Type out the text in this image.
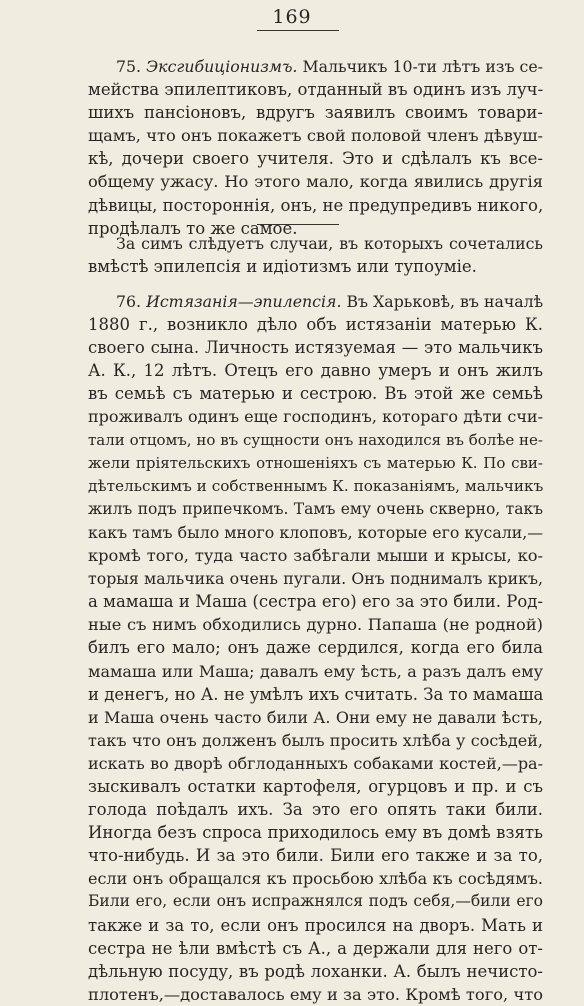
169

75. Эксгибиціонизмъ. Мальчикъ 10-ти лѣтъ изъ се-
мейства эпилептиковъ, отданный въ одинъ изъ луч-
шихъ пансіоновъ, вдругъ заявилъ своимъ товари-
щамъ, что онъ покажетъ свой половой членъ дѣвуш-
кѣ, дочери своего учителя. Это и сдѣлалъ къ все-
общему ужасу. Но этого мало, когда явились другія
дѣвицы, постороннія, онъ, не предупредивъ никого,
продѣлалъ то же самое.
За симъ слѣдуетъ случаи, въ которыхъ сочетались
вмѣстѣ эпилепсія и идіотизмъ или тупоуміе.
76. Истязанія—эпилепсія. Въ Харьковѣ, въ началѣ
1880 г., возникло дѣло объ истязаніи матерью К.
своего сына. Личность истязуемая — это мальчикъ
А. К., 12 лѣтъ. Отецъ его давно умеръ и онъ жилъ
въ семьѣ съ матерью и сестрою. Въ этой же семьѣ
проживалъ одинъ еще господинъ, котораго дѣти счи-
тали отцомъ, но въ сущности онъ находился въ болѣе не-
жели пріятельскихъ отношеніяхъ съ матерью К. По сви-
дѣтельскимъ и собственнымъ К. показаніямъ, мальчикъ
жилъ подъ припечкомъ. Тамъ ему очень скверно, такъ
какъ тамъ было много клоповъ, которые его кусали,—
кромѣ того, туда часто забѣгали мыши и крысы, ко-
торыя мальчика очень пугали. Онъ поднималъ крикъ,
а мамаша и Маша (сестра его) его за это били. Род-
ные съ нимъ обходились дурно. Папаша (не родной)
билъ его мало; онъ даже сердился, когда его била
мамаша или Маша; давалъ ему ѣсть, а разъ далъ ему
и денегъ, но А. не умѣлъ ихъ считать. За то мамаша
и Маша очень часто били А. Они ему не давали ѣсть,
такъ что онъ долженъ былъ просить хлѣба у сосѣдей,
искать во дворѣ обглоданныхъ собаками костей,—ра-
зыскивалъ остатки картофеля, огурцовъ и пр. и съ
голода поѣдалъ ихъ. За это его опять таки били.
Иногда безъ спроса приходилось ему въ домѣ взять
что-нибудь. И за это били. Били его также и за то,
если онъ обращался къ просьбою хлѣба къ сосѣдямъ.
Били его, если онъ испражнялся подъ себя,—били его
также и за то, если онъ просился на дворъ. Мать и
сестра не ѣли вмѣстѣ съ А., а держали для него от-
дѣльную посуду, въ родѣ лоханки. А. былъ нечисто-
плотенъ,—доставалось ему и за это. Кромѣ того, что
